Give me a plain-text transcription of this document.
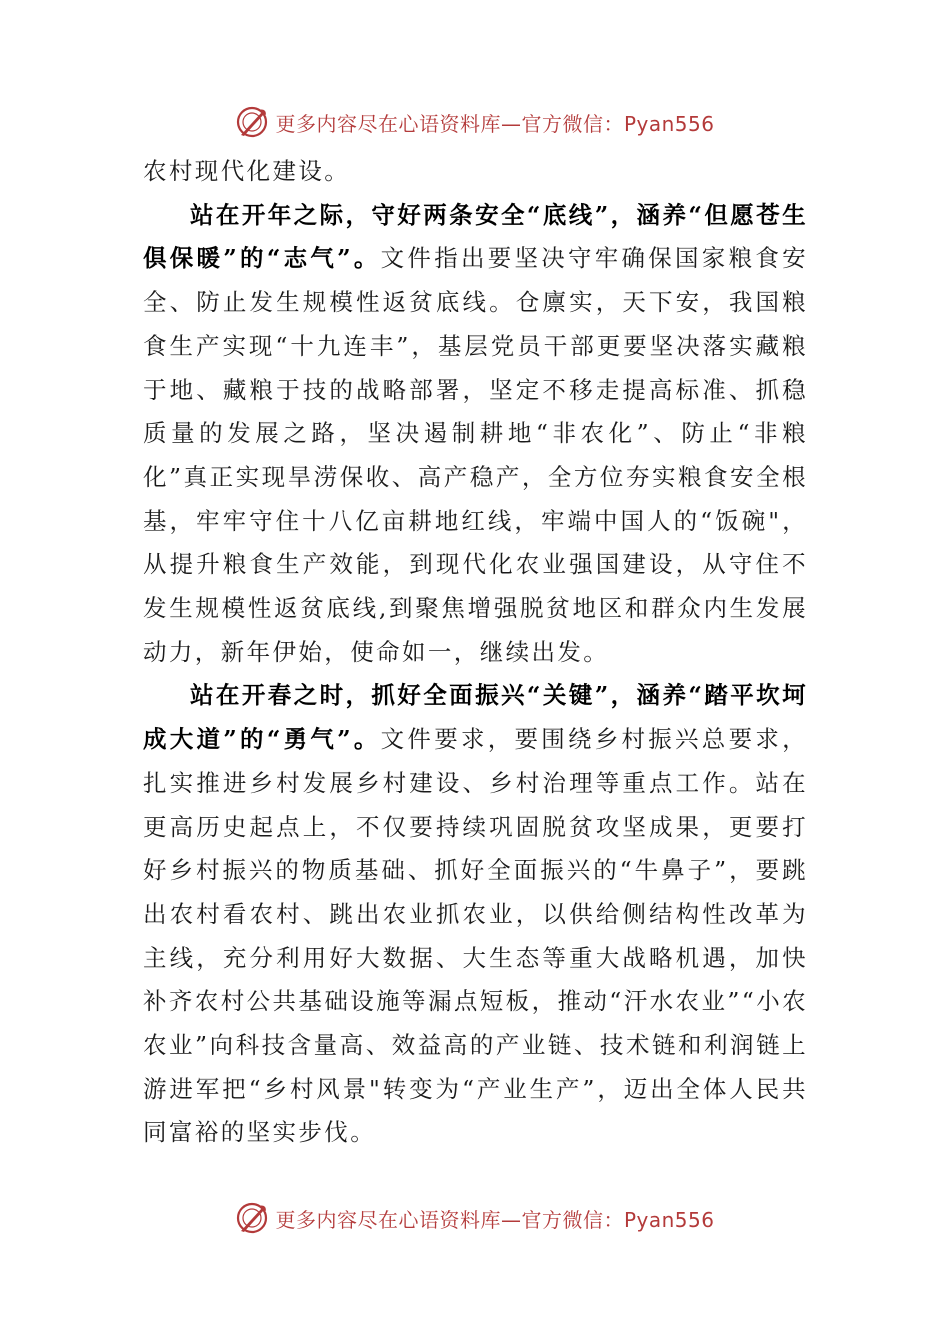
更多内容尽在心语资料库—官方微信：Pyan556

农村现代化建设。

站在开年之际，守好两条安全“底线”，涵养“但愿苍生俱保暖”的“志气”。文件指出要坚决守牢确保国家粮食安全、防止发生规模性返贫底线。仓廪实，天下安，我国粮食生产实现“十九连丰”，基层党员干部更要坚决落实藏粮于地、藏粮于技的战略部署，坚定不移走提高标准、抓稳质量的发展之路，坚决遏制耕地“非农化”、防止“非粮化”真正实现旱涝保收、高产稳产，全方位夯实粮食安全根基，牢牢守住十八亿亩耕地红线，牢端中国人的“饭碗"，从提升粮食生产效能，到现代化农业强国建设，从守住不发生规模性返贫底线,到聚焦增强脱贫地区和群众内生发展动力，新年伊始，使命如一，继续出发。

站在开春之时，抓好全面振兴“关键”，涵养“踏平坎坷成大道”的“勇气”。文件要求，要围绕乡村振兴总要求，扎实推进乡村发展乡村建设、乡村治理等重点工作。站在更高历史起点上，不仅要持续巩固脱贫攻坚成果，更要打好乡村振兴的物质基础、抓好全面振兴的“牛鼻子”，要跳出农村看农村、跳出农业抓农业，以供给侧结构性改革为主线，充分利用好大数据、大生态等重大战略机遇，加快补齐农村公共基础设施等漏点短板，推动“汗水农业”“小农农业”向科技含量高、效益高的产业链、技术链和利润链上游进军把“乡村风景"转变为“产业生产”，迈出全体人民共同富裕的坚实步伐。

更多内容尽在心语资料库—官方微信：Pyan556
